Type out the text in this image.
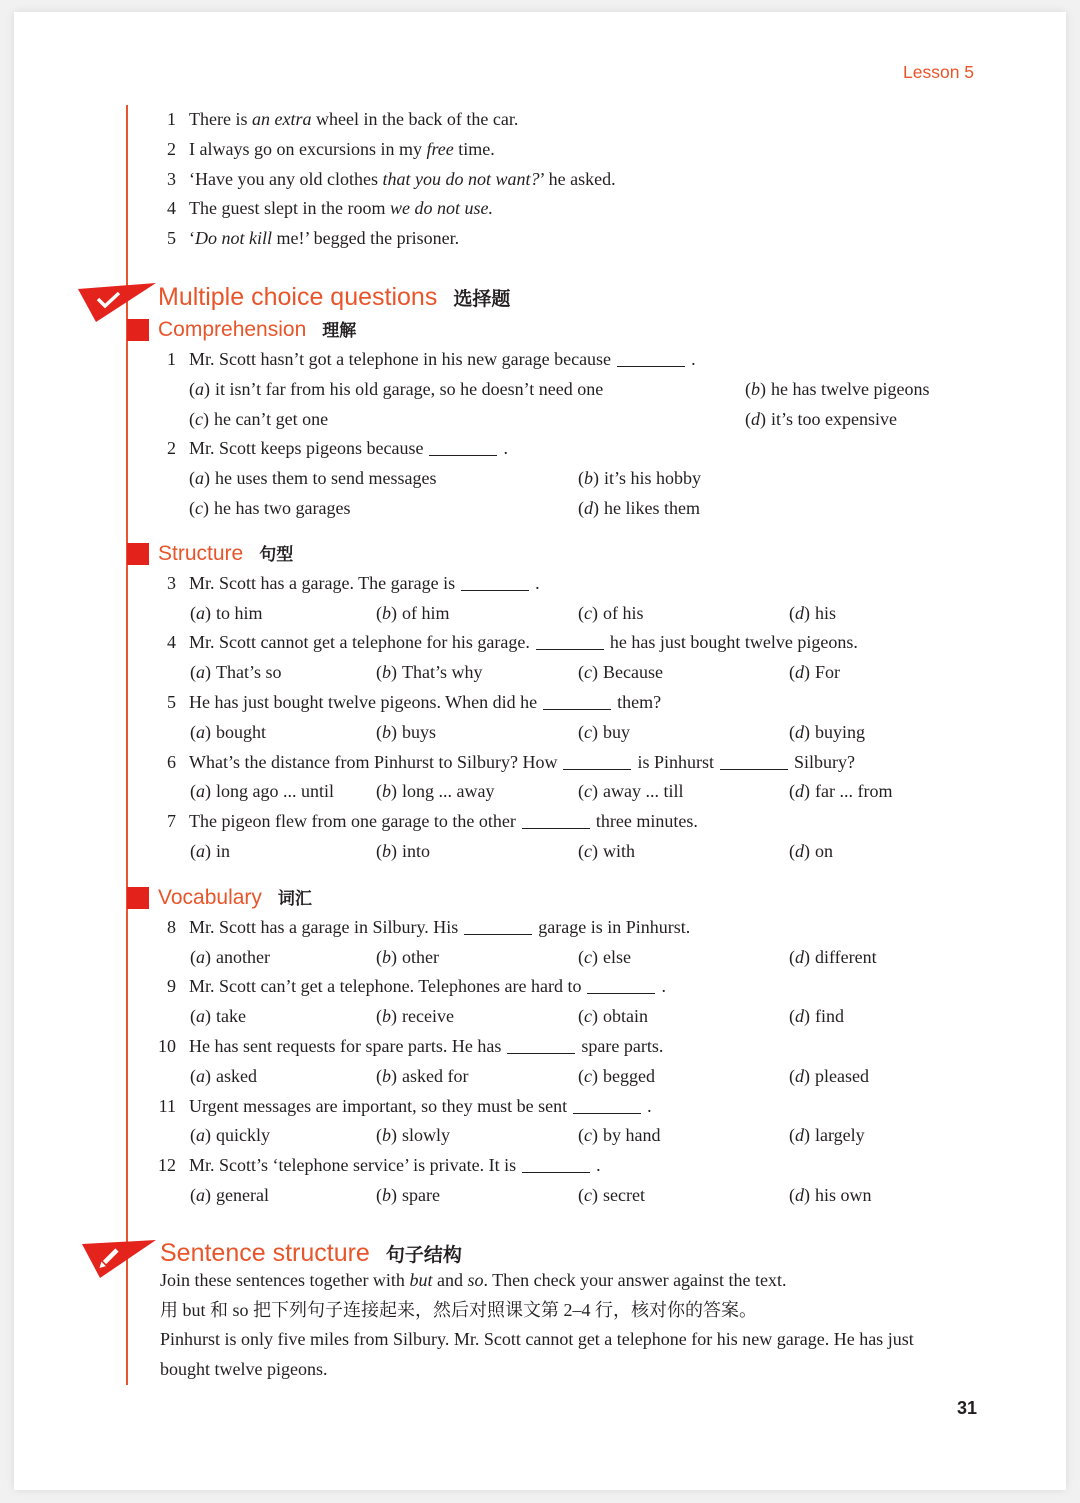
Lesson 5
1 There is an extra wheel in the back of the car.
2 I always go on excursions in my free time.
3 ‘Have you any old clothes that you do not want?’ he asked.
4 The guest slept in the room we do not use.
5 ‘Do not kill me!’ begged the prisoner.
Multiple choice questions 选择题
Comprehension 理解
1 Mr. Scott hasn’t got a telephone in his new garage because	.
( a ) it isn’t far from his old garage, so he doesn’t need one	( b ) he has twelve pigeons
( c ) he can’t get one	( d ) it’s too expensive
2 Mr. Scott keeps pigeons because	.
( a ) he uses them to send messages	( b ) it’s his hobby
( c ) he has two garages	( d ) he likes them
Structure 句型
3 Mr. Scott has a garage. The garage is	.
( a ) to him	( b ) of him	( c ) of his	( d ) his
4 Mr. Scott cannot get a telephone for his garage.	he has just bought twelve pigeons.
( a ) That’s so	( b ) That’s why	( c ) Because	( d ) For
5 He has just bought twelve pigeons. When did he	them?
( a ) bought	( b ) buys	( c ) buy	( d ) buying
6 What’s the distance from Pinhurst to Silbury? How	is Pinhurst	Silbury?
( a ) long ago ... until	( b ) long ... away	( c ) away ... till	( d ) far ... from
7 The pigeon flew from one garage to the other	three minutes.
( a ) in	( b ) into	( c ) with	( d ) on
Vocabulary 词汇
8 Mr. Scott has a garage in Silbury. His	garage is in Pinhurst.
( a ) another	( b ) other	( c ) else	( d ) different
9 Mr. Scott can’t get a telephone. Telephones are hard to	.
( a ) take	( b ) receive	( c ) obtain	( d ) find
10 He has sent requests for spare parts. He has	spare parts.
( a ) asked	( b ) asked for	( c ) begged	( d ) pleased
11 Urgent messages are important, so they must be sent	.
( a ) quickly	( b ) slowly	( c ) by hand	( d ) largely
12 Mr. Scott’s ‘telephone service’ is private. It is	.
( a ) general	( b ) spare	( c ) secret	( d ) his own
Sentence structure 句子结构
Join these sentences together with but and so. Then check your answer against the text.
用 but 和 so 把下列句子连接起来，然后对照课文第 2–4 行，核对你的答案。
Pinhurst is only five miles from Silbury. Mr. Scott cannot get a telephone for his new garage. He has just
bought twelve pigeons.
31
